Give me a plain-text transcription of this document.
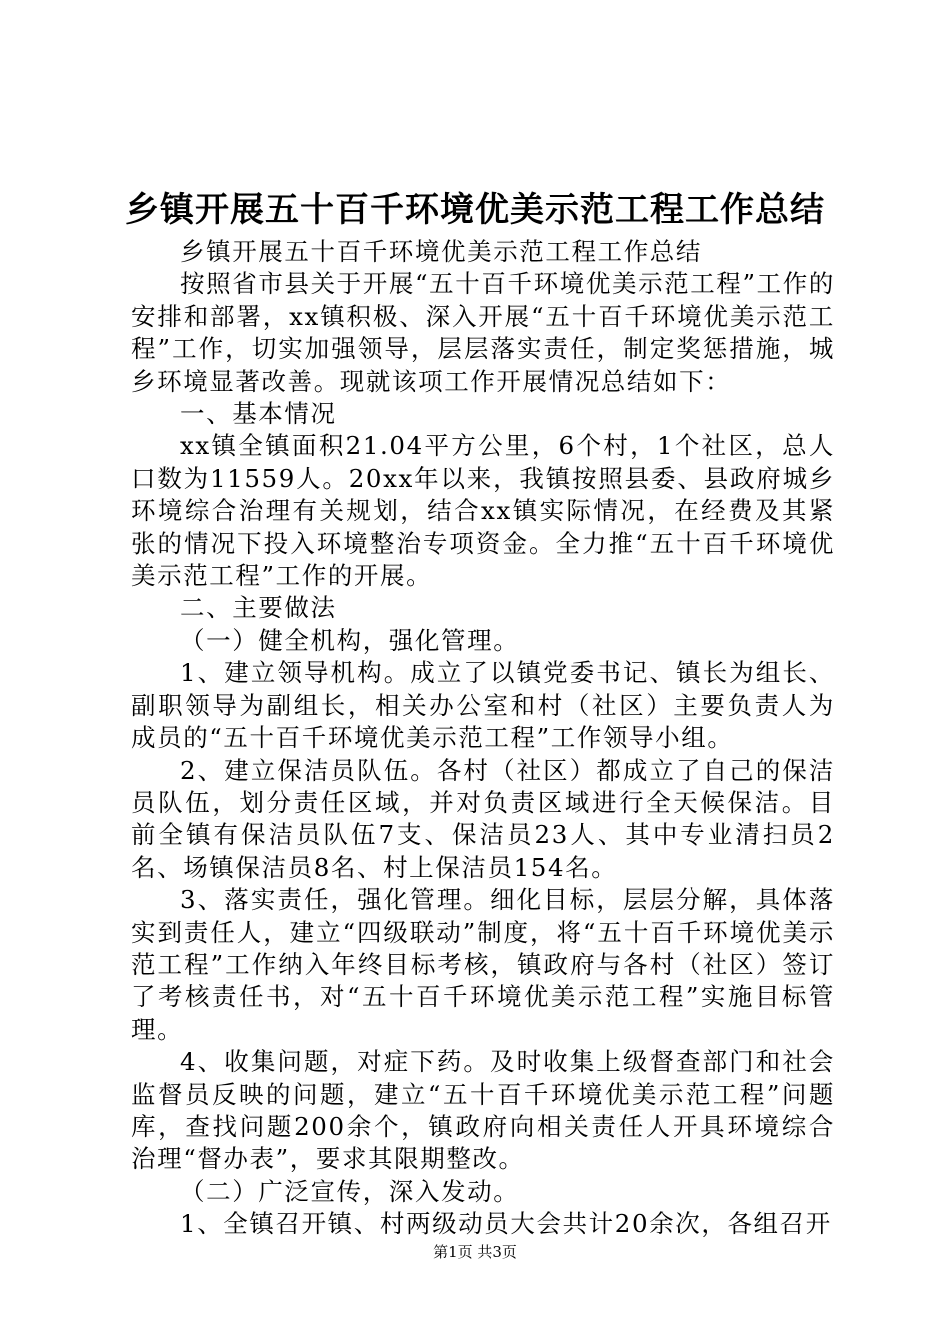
乡镇开展五十百千环境优美示范工程工作总结

乡镇开展五十百千环境优美示范工程工作总结

按照省市县关于开展“五十百千环境优美示范工程”工作的安排和部署，xx镇积极、深入开展“五十百千环境优美示范工程”工作，切实加强领导，层层落实责任，制定奖惩措施，城乡环境显著改善。现就该项工作开展情况总结如下：

一、基本情况

xx镇全镇面积21.04平方公里，6个村，1个社区，总人口数为11559人。20xx年以来，我镇按照县委、县政府城乡环境综合治理有关规划，结合xx镇实际情况，在经费及其紧张的情况下投入环境整治专项资金。全力推“五十百千环境优美示范工程”工作的开展。

二、主要做法

（一）健全机构，强化管理。

1、建立领导机构。成立了以镇党委书记、镇长为组长、副职领导为副组长，相关办公室和村（社区）主要负责人为成员的“五十百千环境优美示范工程”工作领导小组。

2、建立保洁员队伍。各村（社区）都成立了自己的保洁员队伍，划分责任区域，并对负责区域进行全天候保洁。目前全镇有保洁员队伍7支、保洁员23人、其中专业清扫员2名、场镇保洁员8名、村上保洁员154名。

3、落实责任，强化管理。细化目标，层层分解，具体落实到责任人，建立“四级联动”制度，将“五十百千环境优美示范工程”工作纳入年终目标考核，镇政府与各村（社区）签订了考核责任书，对“五十百千环境优美示范工程”实施目标管理。

4、收集问题，对症下药。及时收集上级督查部门和社会监督员反映的问题，建立“五十百千环境优美示范工程”问题库，查找问题200余个，镇政府向相关责任人开具环境综合治理“督办表”，要求其限期整改。

（二）广泛宣传，深入发动。

1、全镇召开镇、村两级动员大会共计20余次，各组召开

第1页 共3页
